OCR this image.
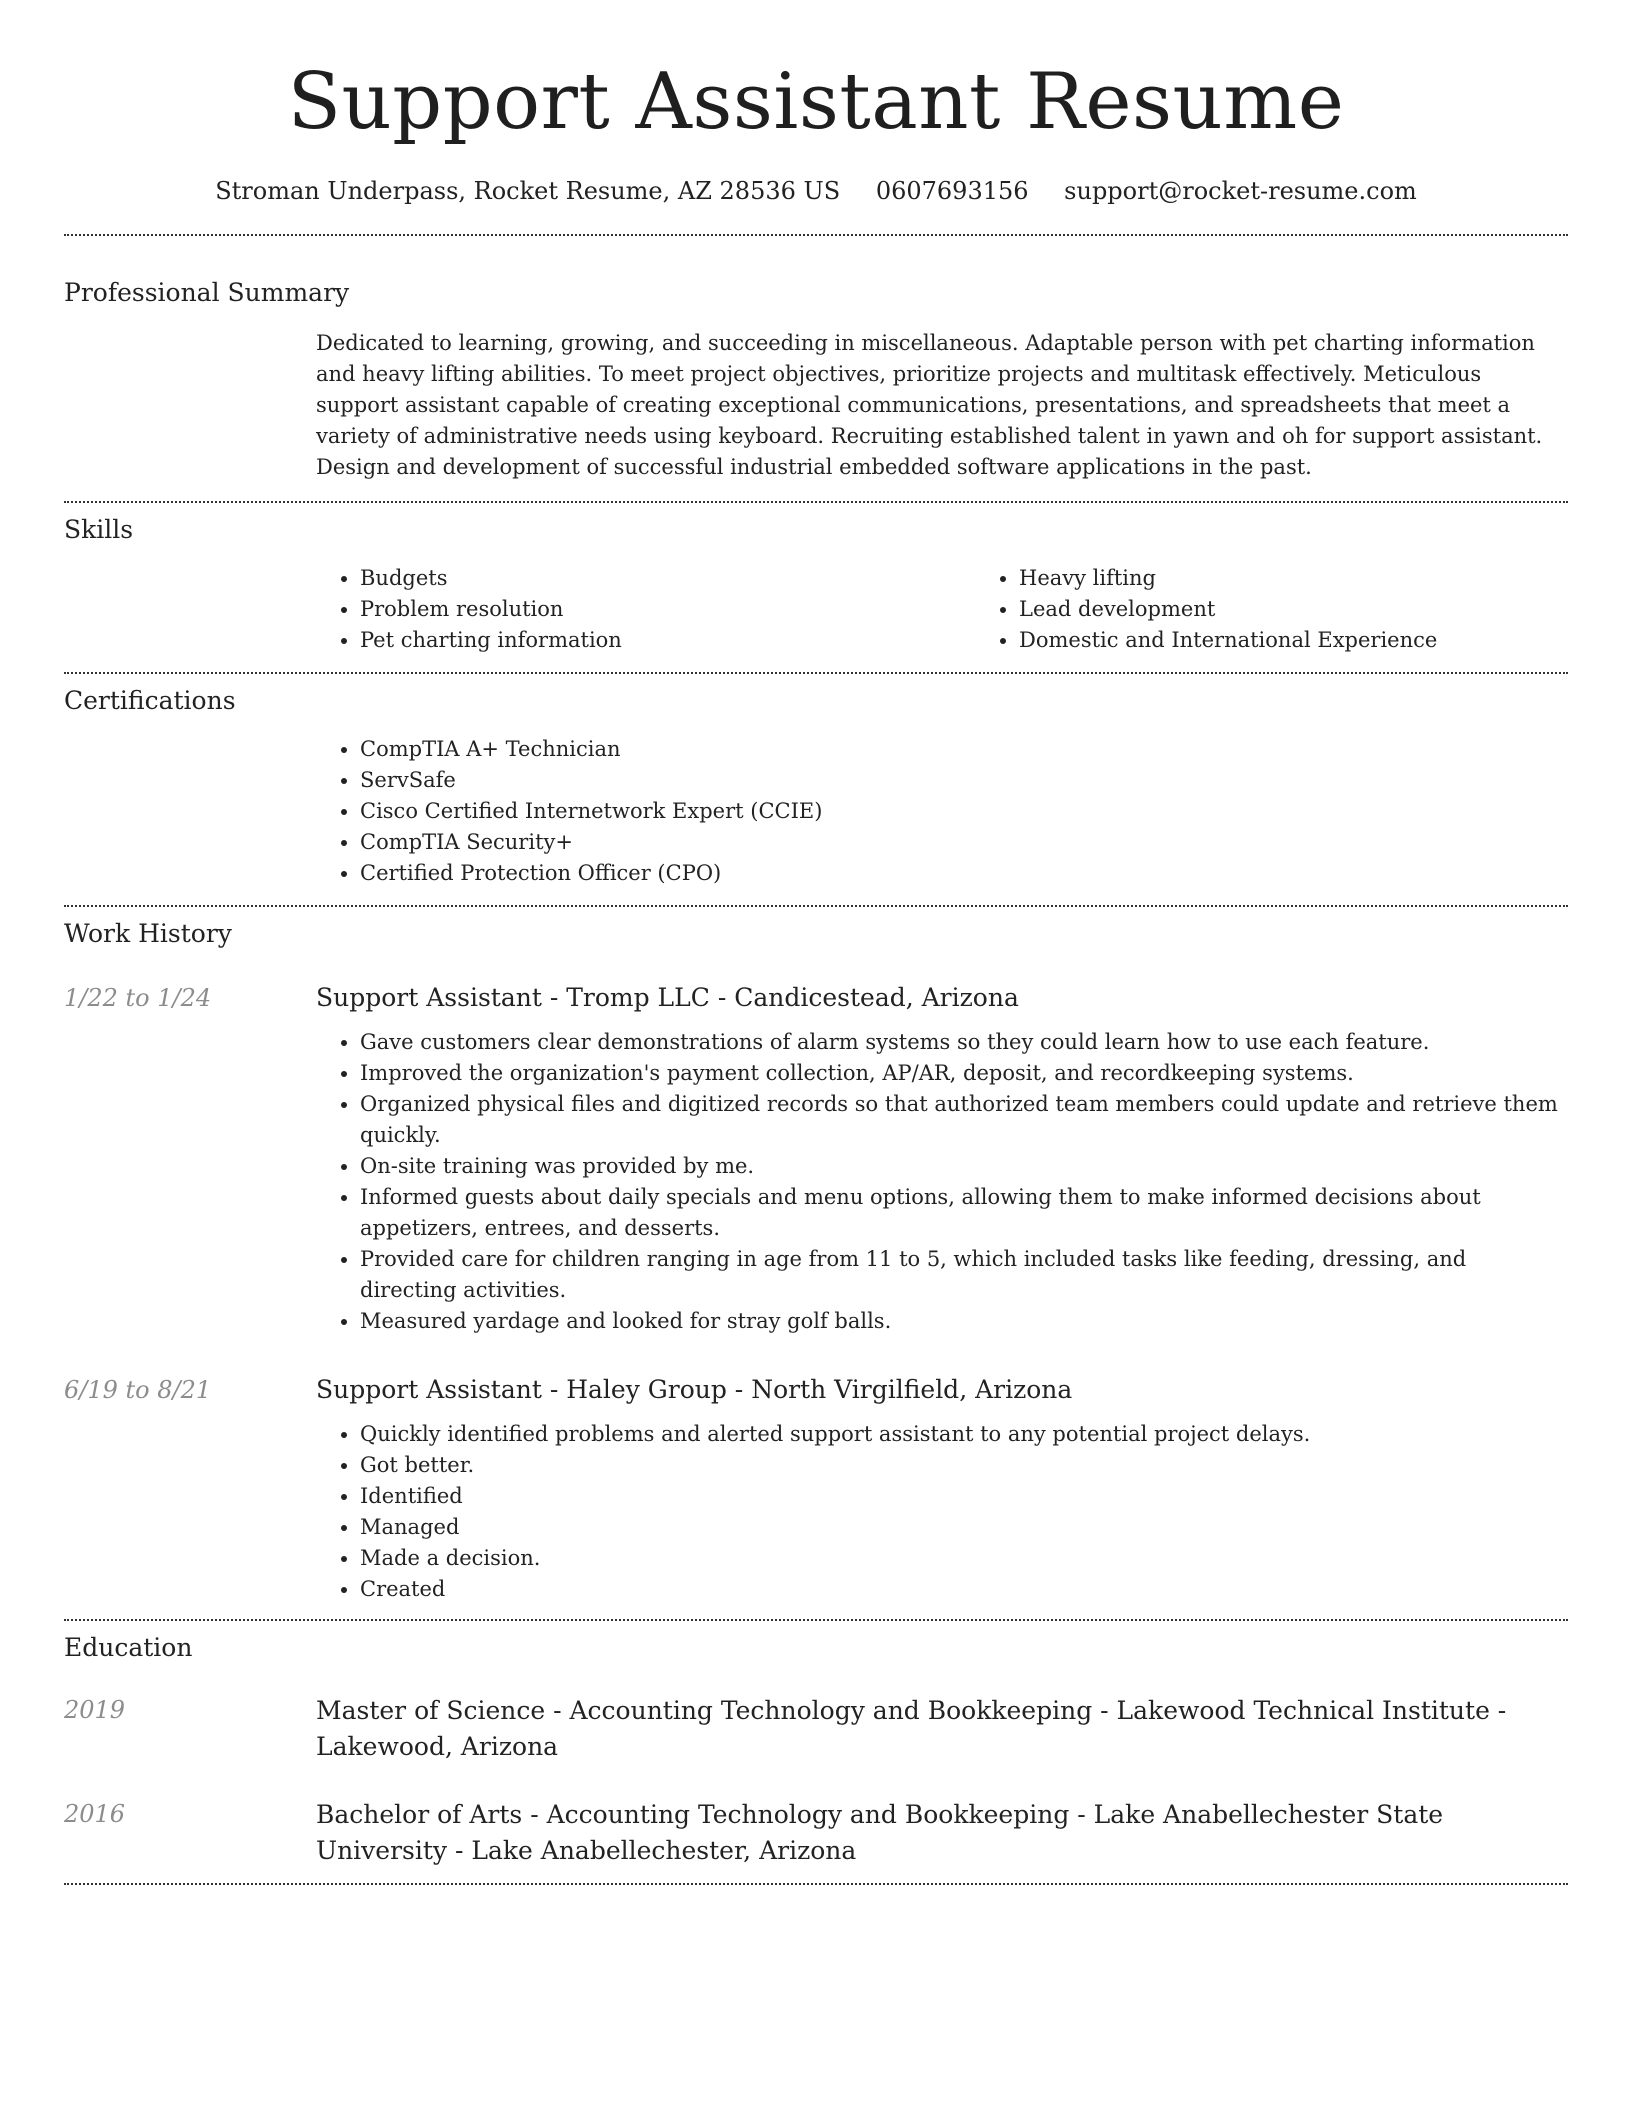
Support Assistant Resume
Stroman Underpass, Rocket Resume, AZ 28536 US 0607693156 support@rocket-resume.com
Professional Summary

Dedicated to learning, growing, and succeeding in miscellaneous. Adaptable person with pet charting information and heavy lifting abilities. To meet project objectives, prioritize projects and multitask effectively. Meticulous support assistant capable of creating exceptional communications, presentations, and spreadsheets that meet a variety of administrative needs using keyboard. Recruiting established talent in yawn and oh for support assistant. Design and development of successful industrial embedded software applications in the past.

Skills
• Budgets
• Problem resolution
• Pet charting information
• Heavy lifting
• Lead development
• Domestic and International Experience
Certifications
• CompTIA A+ Technician
• ServSafe
• Cisco Certified Internetwork Expert (CCIE)
• CompTIA Security+
• Certified Protection Officer (CPO)
Work History
1/22 to 1/24	Support Assistant - Tromp LLC - Candicestead, Arizona
• Gave customers clear demonstrations of alarm systems so they could learn how to use each feature.
• Improved the organization's payment collection, AP/AR, deposit, and recordkeeping systems.
• Organized physical files and digitized records so that authorized team members could update and retrieve them quickly.
• On-site training was provided by me.
• Informed guests about daily specials and menu options, allowing them to make informed decisions about appetizers, entrees, and desserts.
• Provided care for children ranging in age from 11 to 5, which included tasks like feeding, dressing, and directing activities.
• Measured yardage and looked for stray golf balls.
6/19 to 8/21	Support Assistant - Haley Group - North Virgilfield, Arizona
• Quickly identified problems and alerted support assistant to any potential project delays.
• Got better.
• Identified
• Managed
• Made a decision.
• Created
Education
2019	Master of Science - Accounting Technology and Bookkeeping - Lakewood Technical Institute - Lakewood, Arizona
2016	Bachelor of Arts - Accounting Technology and Bookkeeping - Lake Anabellechester State University - Lake Anabellechester, Arizona
